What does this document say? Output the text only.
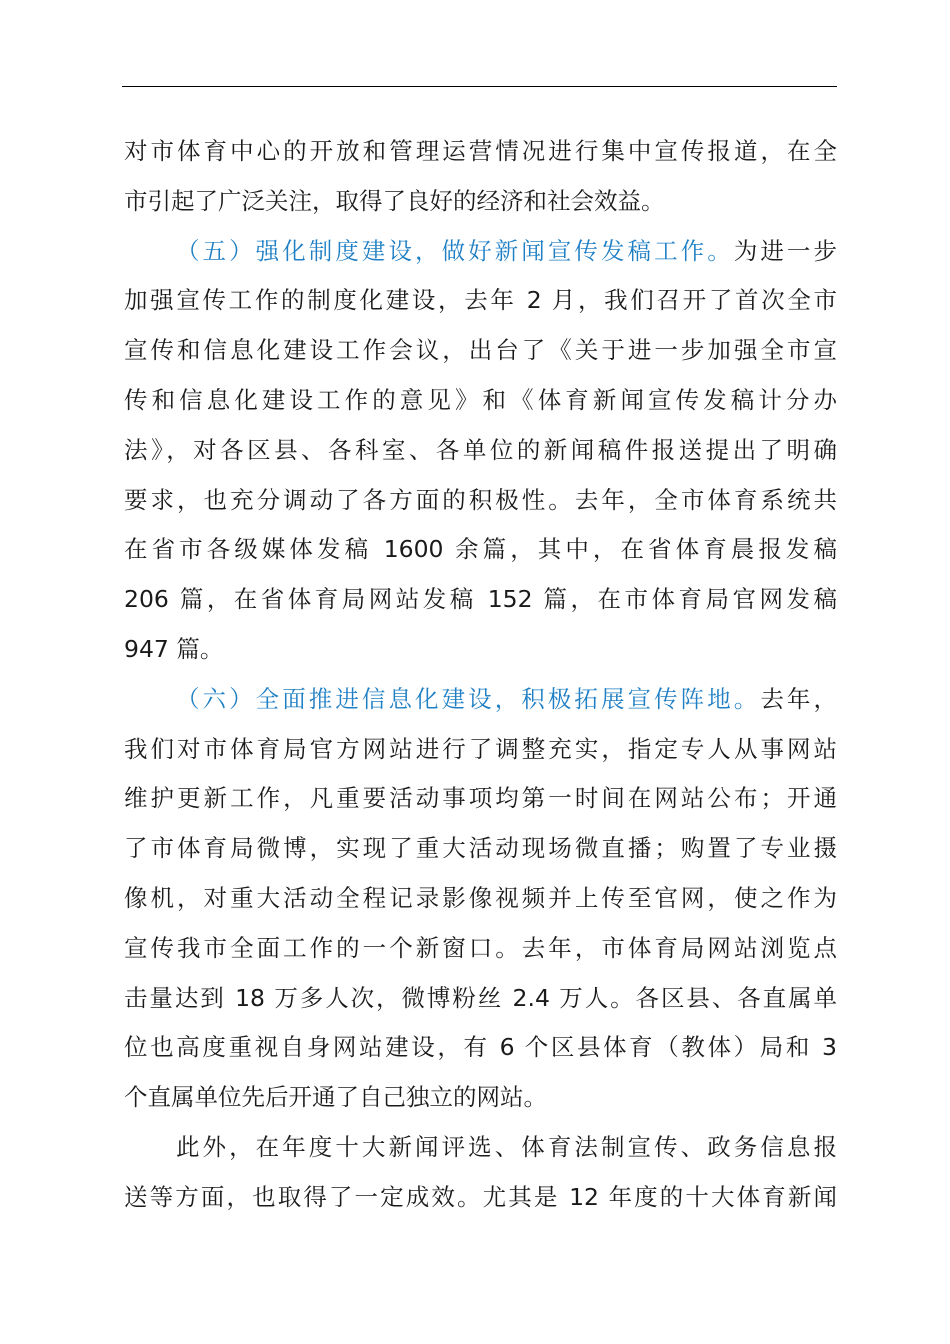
对市体育中心的开放和管理运营情况进行集中宣传报道，在全
市引起了广泛关注，取得了良好的经济和社会效益。
（五）强化制度建设，做好新闻宣传发稿工作。为进一步
加强宣传工作的制度化建设，去年 2 月，我们召开了首次全市
宣传和信息化建设工作会议，出台了《关于进一步加强全市宣
传和信息化建设工作的意见》和《体育新闻宣传发稿计分办
法》，对各区县、各科室、各单位的新闻稿件报送提出了明确
要求，也充分调动了各方面的积极性。去年，全市体育系统共
在省市各级媒体发稿 1600 余篇，其中，在省体育晨报发稿
206 篇，在省体育局网站发稿 152 篇，在市体育局官网发稿
947 篇。
（六）全面推进信息化建设，积极拓展宣传阵地。去年，
我们对市体育局官方网站进行了调整充实，指定专人从事网站
维护更新工作，凡重要活动事项均第一时间在网站公布；开通
了市体育局微博，实现了重大活动现场微直播；购置了专业摄
像机，对重大活动全程记录影像视频并上传至官网，使之作为
宣传我市全面工作的一个新窗口。去年，市体育局网站浏览点
击量达到 18 万多人次，微博粉丝 2.4 万人。各区县、各直属单
位也高度重视自身网站建设，有 6 个区县体育（教体）局和 3
个直属单位先后开通了自己独立的网站。
此外，在年度十大新闻评选、体育法制宣传、政务信息报
送等方面，也取得了一定成效。尤其是 12 年度的十大体育新闻
